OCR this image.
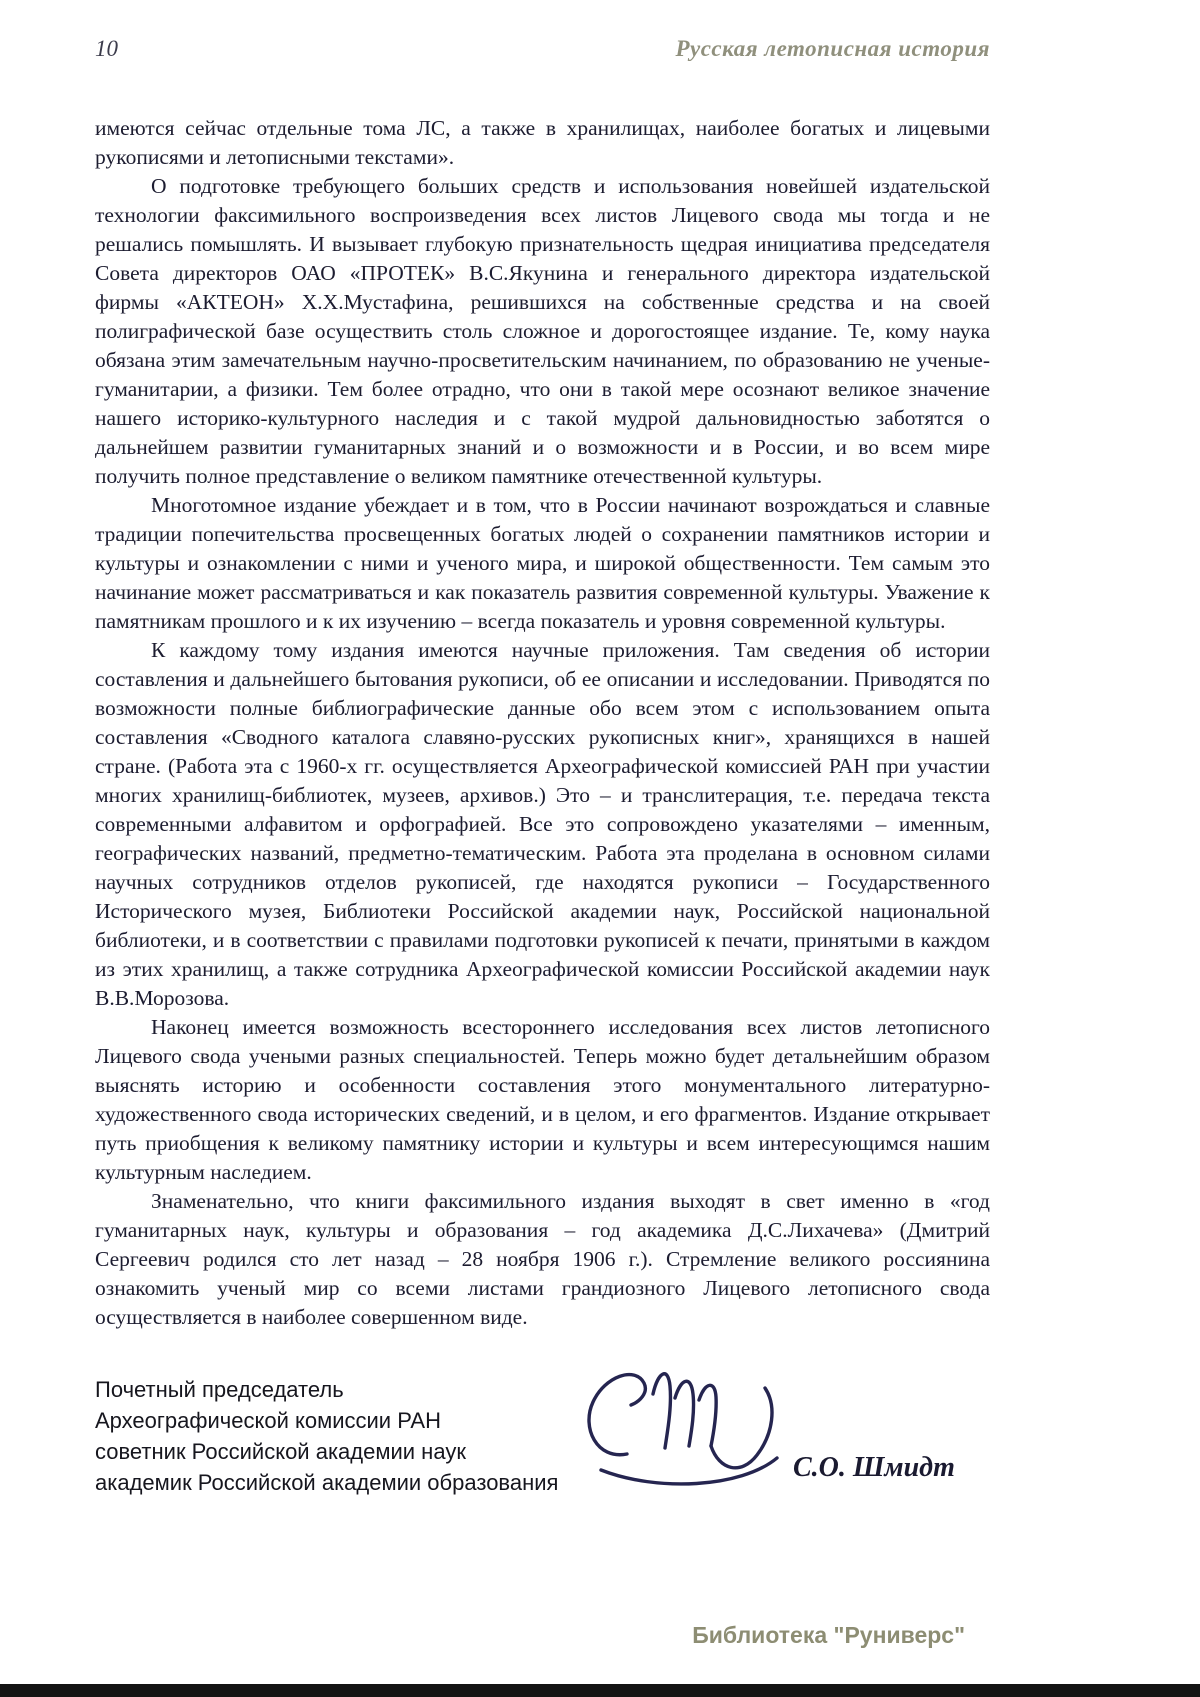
10	Русская летописная история

имеются сейчас отдельные тома ЛС, а также в хранилищах, наиболее богатых и лицевыми рукописями и летописными текстами».

О подготовке требующего больших средств и использования новейшей издательской технологии факсимильного воспроизведения всех листов Лицевого свода мы тогда и не решались помышлять. И вызывает глубокую признательность щедрая инициатива председателя Совета директоров ОАО «ПРОТЕК» В.С.Якунина и генерального директора издательской фирмы «АКТЕОН» Х.Х.Мустафина, решившихся на собственные средства и на своей полиграфической базе осуществить столь сложное и дорогостоящее издание. Те, кому наука обязана этим замечательным научно-просветительским начинанием, по образованию не ученые-гуманитарии, а физики. Тем более отрадно, что они в такой мере осознают великое значение нашего историко-культурного наследия и с такой мудрой дальновидностью заботятся о дальнейшем развитии гуманитарных знаний и о возможности и в России, и во всем мире получить полное представление о великом памятнике отечественной культуры.

Многотомное издание убеждает и в том, что в России начинают возрождаться и славные традиции попечительства просвещенных богатых людей о сохранении памятников истории и культуры и ознакомлении с ними и ученого мира, и широкой общественности. Тем самым это начинание может рассматриваться и как показатель развития современной культуры. Уважение к памятникам прошлого и к их изучению – всегда показатель и уровня современной культуры.

К каждому тому издания имеются научные приложения. Там сведения об истории составления и дальнейшего бытования рукописи, об ее описании и исследовании. Приводятся по возможности полные библиографические данные обо всем этом с использованием опыта составления «Сводного каталога славяно-русских рукописных книг», хранящихся в нашей стране. (Работа эта с 1960-х гг. осуществляется Археографической комиссией РАН при участии многих хранилищ-библиотек, музеев, архивов.) Это – и транслитерация, т.е. передача текста современными алфавитом и орфографией. Все это сопровождено указателями – именным, географических названий, предметно-тематическим. Работа эта проделана в основном силами научных сотрудников отделов рукописей, где находятся рукописи – Государственного Исторического музея, Библиотеки Российской академии наук, Российской национальной библиотеки, и в соответствии с правилами подготовки рукописей к печати, принятыми в каждом из этих хранилищ, а также сотрудника Археографической комиссии Российской академии наук В.В.Морозова.

Наконец имеется возможность всестороннего исследования всех листов летописного Лицевого свода учеными разных специальностей. Теперь можно будет детальнейшим образом выяснять историю и особенности составления этого монументального литературно-художественного свода исторических сведений, и в целом, и его фрагментов. Издание открывает путь приобщения к великому памятнику истории и культуры и всем интересующимся нашим культурным наследием.

Знаменательно, что книги факсимильного издания выходят в свет именно в «год гуманитарных наук, культуры и образования – год академика Д.С.Лихачева» (Дмитрий Сергеевич родился сто лет назад – 28 ноября 1906 г.). Стремление великого россиянина ознакомить ученый мир со всеми листами грандиозного Лицевого летописного свода осуществляется в наиболее совершенном виде.

Почетный председатель
Археографической комиссии РАН
советник Российской академии наук
академик Российской академии образования	С.О. Шмидт
Библиотека "Руниверс"
